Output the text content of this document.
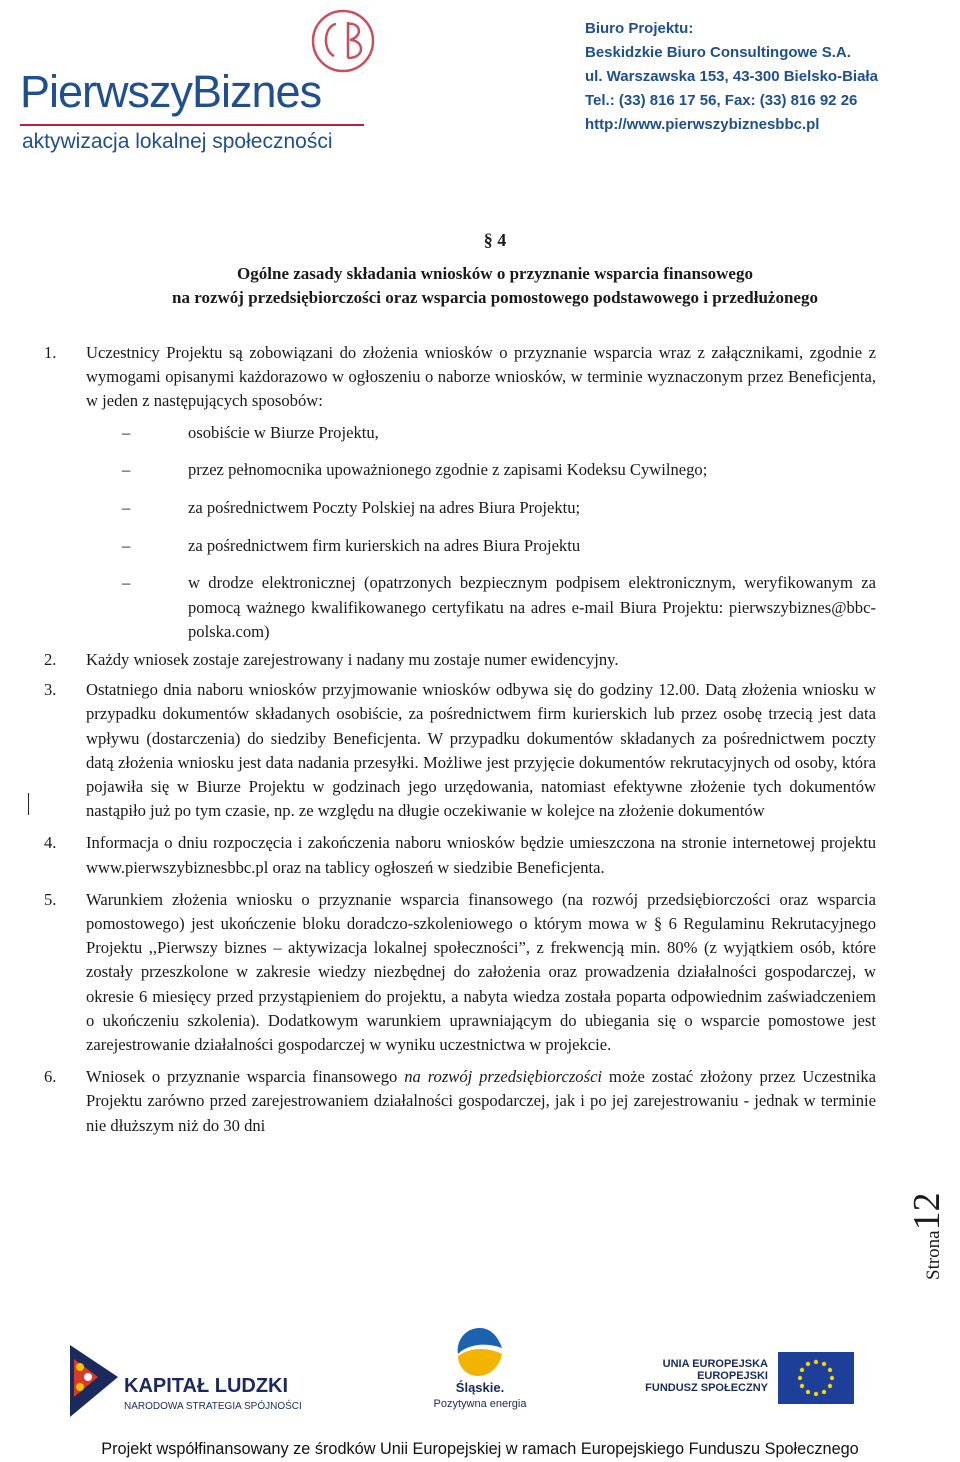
PierwszyBiznes
aktywizacja lokalnej społeczności
Biuro Projektu:
Beskidzkie Biuro Consultingowe S.A.
ul. Warszawska 153, 43-300 Bielsko-Biała
Tel.: (33) 816 17 56, Fax: (33) 816 92 26
http://www.pierwszybiznesbbc.pl
§ 4
Ogólne zasady składania wniosków o przyznanie wsparcia finansowego
na rozwój przedsiębiorczości oraz wsparcia pomostowego podstawowego i przedłużonego
1. Uczestnicy Projektu są zobowiązani do złożenia wniosków o przyznanie wsparcia wraz z załącznikami, zgodnie z wymogami opisanymi każdorazowo w ogłoszeniu o naborze wniosków, w terminie wyznaczonym przez Beneficjenta, w jeden z następujących sposobów:
–	osobiście w Biurze Projektu,
–	przez pełnomocnika upoważnionego zgodnie z zapisami Kodeksu Cywilnego;
–	za pośrednictwem Poczty Polskiej na adres Biura Projektu;
–	za pośrednictwem firm kurierskich na adres Biura Projektu
–	w drodze elektronicznej (opatrzonych bezpiecznym podpisem elektronicznym, weryfikowanym za pomocą ważnego kwalifikowanego certyfikatu na adres e-mail Biura Projektu: pierwszybiznes@bbc-polska.com)
2. Każdy wniosek zostaje zarejestrowany i nadany mu zostaje numer ewidencyjny.
3. Ostatniego dnia naboru wniosków przyjmowanie wniosków odbywa się do godziny 12.00. Datą złożenia wniosku w przypadku dokumentów składanych osobiście, za pośrednictwem firm kurierskich lub przez osobę trzecią jest data wpływu (dostarczenia) do siedziby Beneficjenta. W przypadku dokumentów składanych za pośrednictwem poczty datą złożenia wniosku jest data nadania przesyłki. Możliwe jest przyjęcie dokumentów rekrutacyjnych od osoby, która pojawiła się w Biurze Projektu w godzinach jego urzędowania, natomiast efektywne złożenie tych dokumentów nastąpiło już po tym czasie, np. ze względu na długie oczekiwanie w kolejce na złożenie dokumentów
4. Informacja o dniu rozpoczęcia i zakończenia naboru wniosków będzie umieszczona na stronie internetowej projektu www.pierwszybiznesbbc.pl oraz na tablicy ogłoszeń w siedzibie Beneficjenta.
5. Warunkiem złożenia wniosku o przyznanie wsparcia finansowego (na rozwój przedsiębiorczości oraz wsparcia pomostowego) jest ukończenie bloku doradczo-szkoleniowego o którym mowa w § 6 Regulaminu Rekrutacyjnego Projektu ,,Pierwszy biznes – aktywizacja lokalnej społeczności”, z frekwencją min. 80% (z wyjątkiem osób, które zostały przeszkolone w zakresie wiedzy niezbędnej do założenia oraz prowadzenia działalności gospodarczej, w okresie 6 miesięcy przed przystąpieniem do projektu, a nabyta wiedza została poparta odpowiednim zaświadczeniem o ukończeniu szkolenia). Dodatkowym warunkiem uprawniającym do ubiegania się o wsparcie pomostowe jest zarejestrowanie działalności gospodarczej w wyniku uczestnictwa w projekcie.
6. Wniosek o przyznanie wsparcia finansowego na rozwój przedsiębiorczości może zostać złożony przez Uczestnika Projektu zarówno przed zarejestrowaniem działalności gospodarczej, jak i po jej zarejestrowaniu - jednak w terminie nie dłuższym niż do 30 dni
Strona12
KAPITAŁ LUDZKI
NARODOWA STRATEGIA SPÓJNOŚCI
Śląskie.
Pozytywna energia
UNIA EUROPEJSKA
EUROPEJSKI
FUNDUSZ SPOŁECZNY
Projekt współfinansowany ze środków Unii Europejskiej w ramach Europejskiego Funduszu Społecznego
